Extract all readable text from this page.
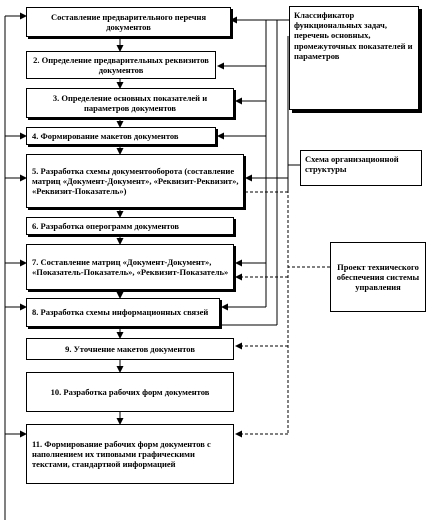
Составление предварительного перечня документов
2. Определение предварительных реквизитов документов
3. Определение основных показателей и параметров документов
4. Формирование макетов документов
5. Разработка схемы документооборота (составление матриц «Документ-Документ», «Реквизит-Реквизит», «Реквизит-Показатель»)
6. Разработка оперограмм документов
7. Составление матриц «Документ-Документ», «Показатель-Показатель», «Реквизит-Показатель»
8. Разработка схемы информационных связей
9. Уточнение макетов документов
10. Разработка рабочих форм документов
11. Формирование рабочих форм документов с наполнением их типовыми графическими текстами, стандартной информацией
Классификатор функциональных задач, перечень основных, промежуточных показателей и параметров
Схема организационной структуры
Проект технического обеспечения системы управления
